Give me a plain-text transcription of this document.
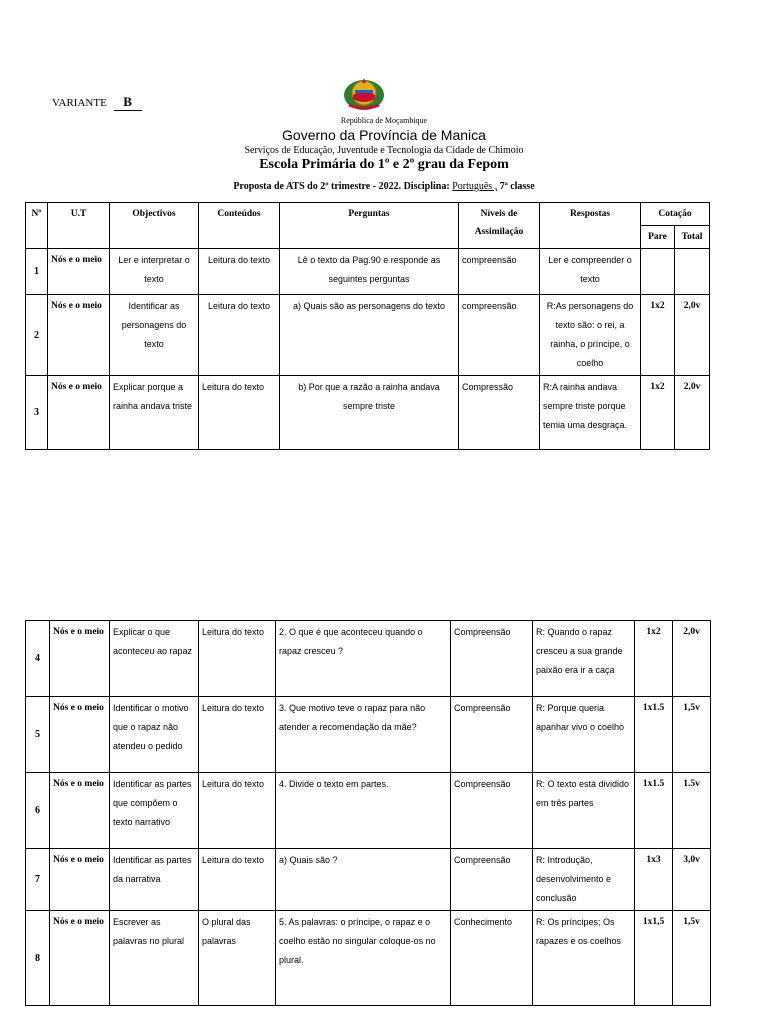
VARIANTE B
República de Moçambique
Governo da Província de Manica
Serviços de Educação, Juventude e Tecnologia da Cidade de Chimoio
Escola Primária do 1º e 2º grau da Fepom
Proposta de ATS do 2º trimestre - 2022. Disciplina: Português , 7ª classe
Nº	U.T	Objectivos	Conteúdos	Perguntas	Níveis de Assimilação	Respostas	Cotação	
							Pare	Total
1	Nós e o meio	Ler e interpretar o texto	Leitura do texto	Lê o texto da Pag.90 e responde as seguintes perguntas	compreensão	Ler e compreender o texto		
2	Nós e o meio	Identificar as personagens do texto	Leitura do texto	a) Quais são as personagens do texto	compreensão	R:As personagens do texto são: o rei, a rainha, o príncipe, o coelho	1x2	2,0v
3	Nós e o meio	Explicar porque a rainha andava triste	Leitura do texto	b) Por que a razão a rainha andava sempre triste	Compressão	R:A rainha andava sempre triste porque temia uma desgraça.	1x2	2,0v
4	Nós e o meio	Explicar o que aconteceu ao rapaz	Leitura do texto	2. O que é que aconteceu quando o rapaz cresceu ?	Compreensão	R: Quando o rapaz cresceu a sua grande paixão era ir a caça	1x2	2,0v
5	Nós e o meio	Identificar o motivo que o rapaz não atendeu o pedido	Leitura do texto	3. Que motivo teve o rapaz para não atender a recomendação da mãe?	Compreensão	R: Porque queria apanhar vivo o coelho	1x1.5	1,5v
6	Nós e o meio	Identificar as partes que compõem o texto narrativo	Leitura do texto	4. Divide o texto em partes.	Compreensão	R: O texto está dividido em três partes	1x1.5	1.5v
7	Nós e o meio	Identificar as partes da narrativa	Leitura do texto	a) Quais são ?	Compreensão	R: Introdução, desenvolvimento e conclusão	1x3	3,0v
8	Nós e o meio	Escrever as palavras no plural	O plural das palavras	5. As palavras: o príncipe, o rapaz e o coelho estão no singular coloque-os no plural.	Conhecimento	R: Os príncipes; Os rapazes e os coelhos	1x1,5	1,5v
